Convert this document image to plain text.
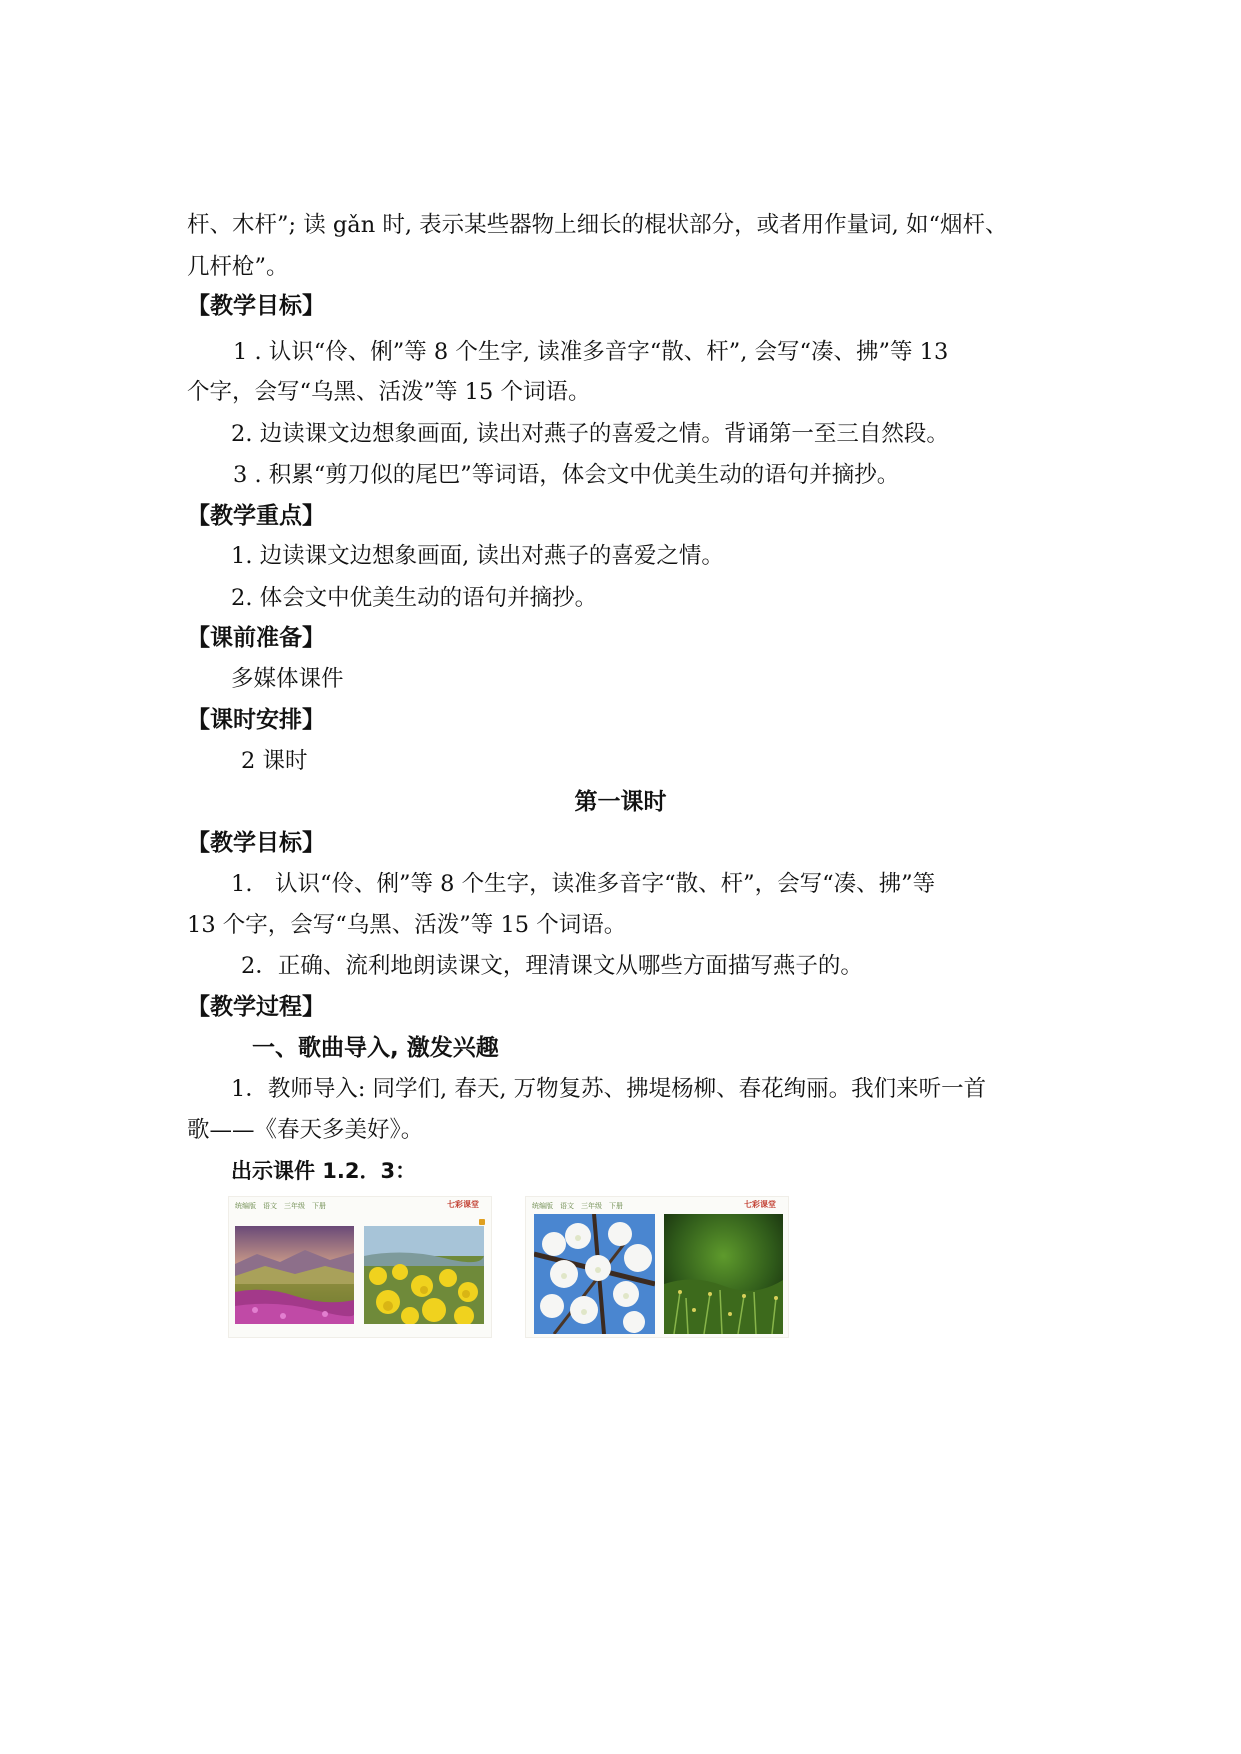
杆、木杆”; 读 gǎn 时, 表示某些器物上细长的棍状部分，或者用作量词, 如“烟杆、
几杆枪”。
【教学目标】
1 . 认识“伶、俐”等 8 个生字, 读准多音字“散、杆”, 会写“凑、拂”等 13
个字，会写“乌黑、活泼”等 15 个词语。
2. 边读课文边想象画面, 读出对燕子的喜爱之情。背诵第一至三自然段。
3 . 积累“剪刀似的尾巴”等词语，体会文中优美生动的语句并摘抄。
【教学重点】
1. 边读课文边想象画面, 读出对燕子的喜爱之情。
2. 体会文中优美生动的语句并摘抄。
【课前准备】
多媒体课件
【课时安排】
2 课时
第一课时
【教学目标】
1.　认识“伶、俐”等 8 个生字，读准多音字“散、杆”，会写“凑、拂”等
13 个字，会写“乌黑、活泼”等 15 个词语。
2．正确、流利地朗读课文，理清课文从哪些方面描写燕子的。
【教学过程】
一、歌曲导入, 激发兴趣
1．教师导入: 同学们, 春天, 万物复苏、拂堤杨柳、春花绚丽。我们来听一首
歌——《春天多美好》。
出示课件 1.2．3：
统编版　语文　三年级　下册	七彩课堂	统编版　语文　三年级　下册	七彩课堂
